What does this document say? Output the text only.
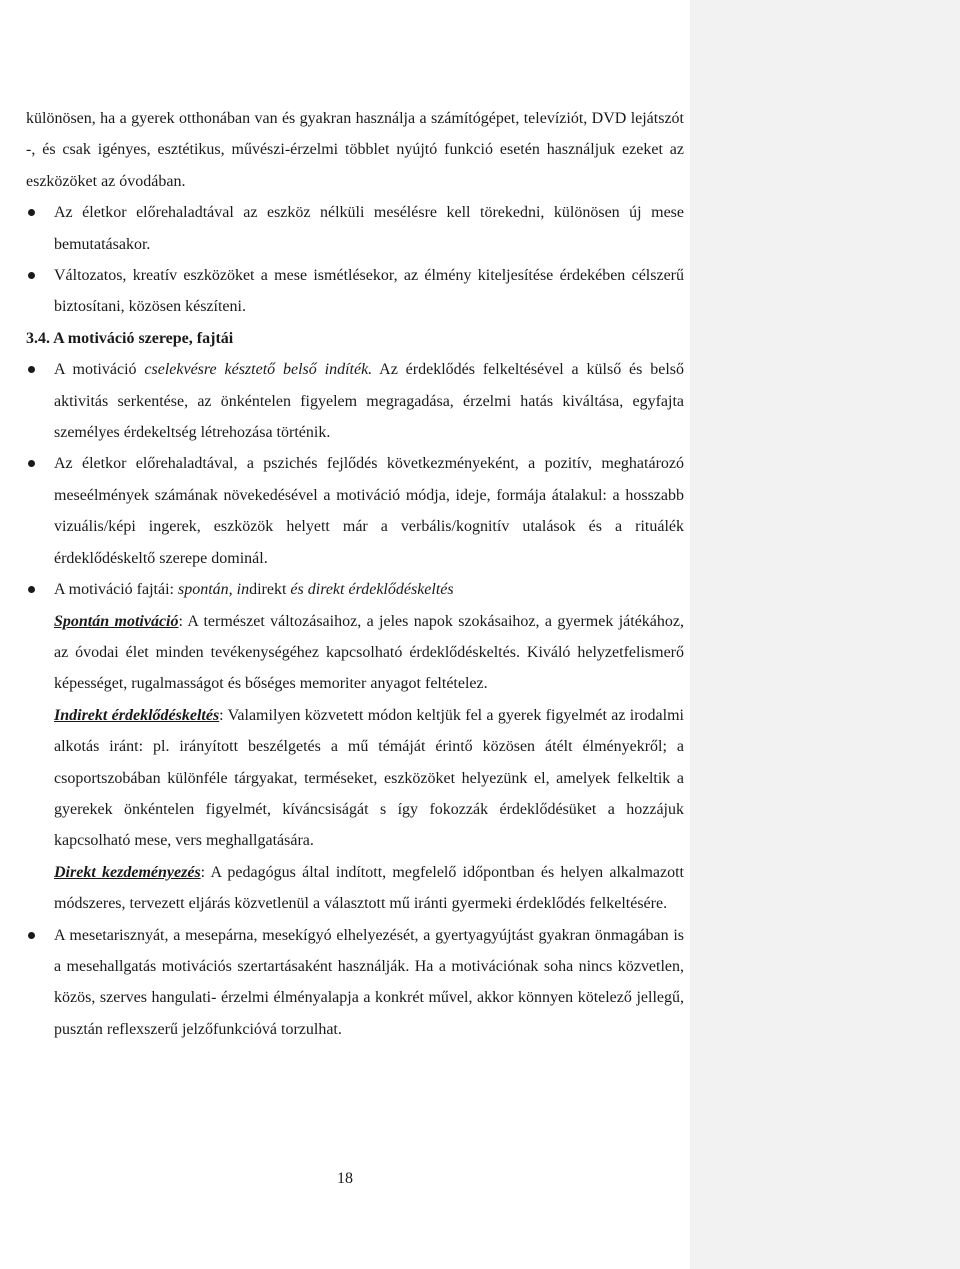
különösen, ha a gyerek otthonában van és gyakran használja a számítógépet, televíziót, DVD lejátszót -, és csak igényes, esztétikus, művészi-érzelmi többlet nyújtó funkció esetén használjuk ezeket az eszközöket az óvodában.

Az életkor előrehaladtával az eszköz nélküli mesélésre kell törekedni, különösen új mese bemutatásakor.

Változatos, kreatív eszközöket a mese ismétlésekor, az élmény kiteljesítése érdekében célszerű biztosítani, közösen készíteni.

3.4. A motiváció szerepe, fajtái

A motiváció cselekvésre késztető belső indíték. Az érdeklődés felkeltésével a külső és belső aktivitás serkentése, az önkéntelen figyelem megragadása, érzelmi hatás kiváltása, egyfajta személyes érdekeltség létrehozása történik.

Az életkor előrehaladtával, a pszichés fejlődés következményeként, a pozitív, meghatározó meseélmények számának növekedésével a motiváció módja, ideje, formája átalakul: a hosszabb vizuális/képi ingerek, eszközök helyett már a verbális/kognitív utalások és a rituálék érdeklődéskeltő szerepe dominál.

A motiváció fajtái: spontán, indirekt és direkt érdeklődéskeltés

Spontán motiváció: A természet változásaihoz, a jeles napok szokásaihoz, a gyermek játékához, az óvodai élet minden tevékenységéhez kapcsolható érdeklődéskeltés. Kiváló helyzetfelismerő képességet, rugalmasságot és bőséges memoriter anyagot feltételez.

Indirekt érdeklődéskeltés: Valamilyen közvetett módon keltjük fel a gyerek figyelmét az irodalmi alkotás iránt: pl. irányított beszélgetés a mű témáját érintő közösen átélt élményekről; a csoportszobában különféle tárgyakat, terméseket, eszközöket helyezünk el, amelyek felkeltik a gyerekek önkéntelen figyelmét, kíváncsiságát s így fokozzák érdeklődésüket a hozzájuk kapcsolható mese, vers meghallgatására.

Direkt kezdeményezés: A pedagógus által indított, megfelelő időpontban és helyen alkalmazott módszeres, tervezett eljárás közvetlenül a választott mű iránti gyermeki érdeklődés felkeltésére.

A mesetarisznyát, a mesepárna, mesekígyó elhelyezését, a gyertyagyújtást gyakran önmagában is a mesehallgatás motivációs szertartásaként használják. Ha a motivációnak soha nincs közvetlen, közös, szerves hangulati- érzelmi élményalapja a konkrét művel, akkor könnyen kötelező jellegű, pusztán reflexszerű jelzőfunkcióvá torzulhat.

18
